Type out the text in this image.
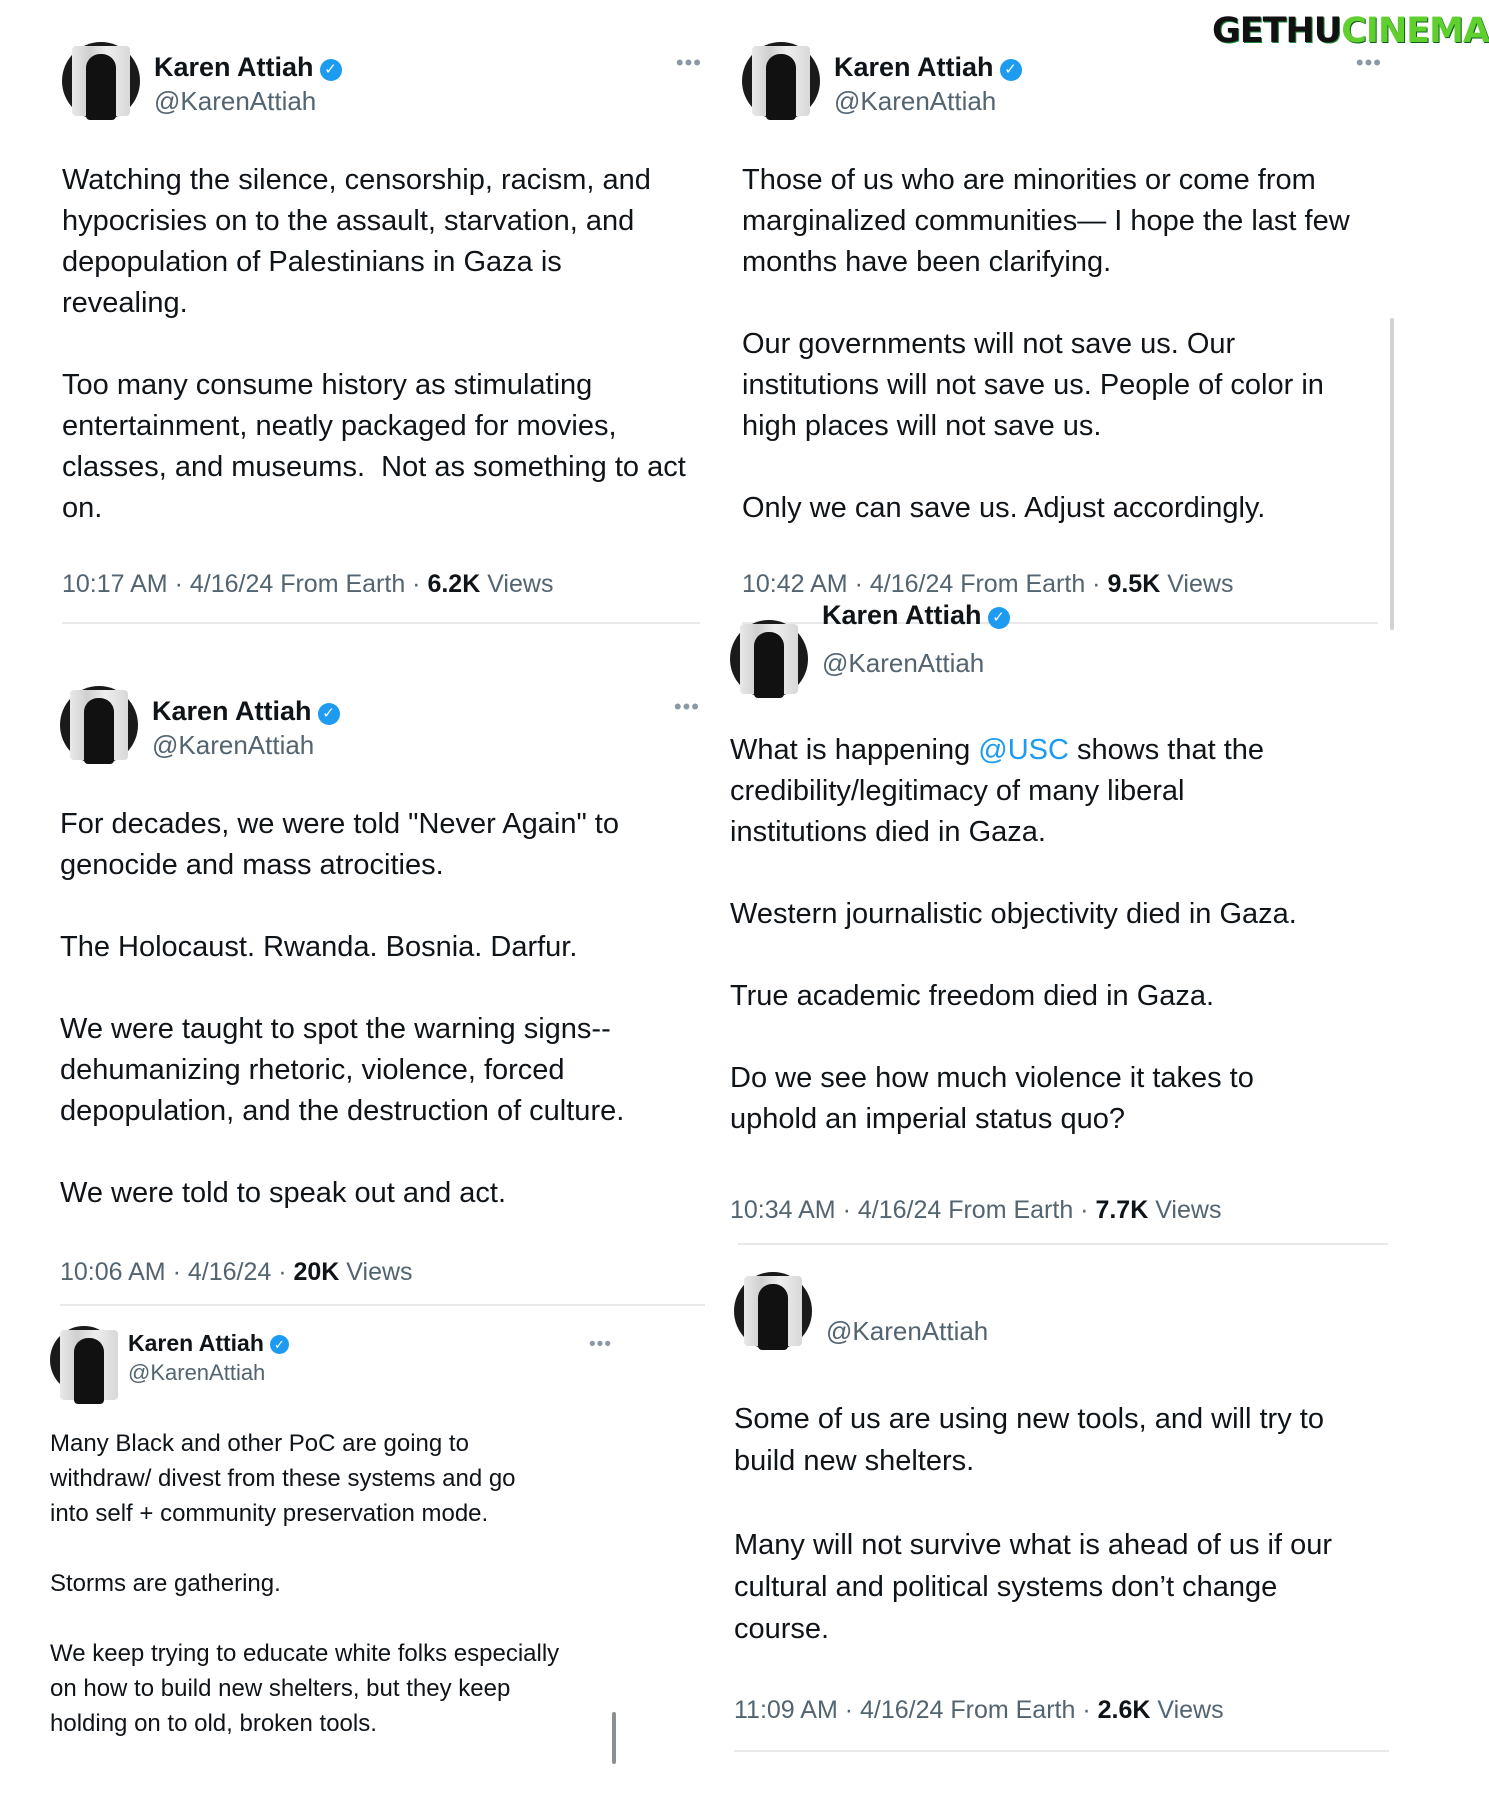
GETHUCINEMA
Karen Attiah ✓
@KarenAttiah
•••
Watching the silence, censorship, racism, and
hypocrisies on to the assault, starvation, and
depopulation of Palestinians in Gaza is
revealing.

Too many consume history as stimulating
entertainment, neatly packaged for movies,
classes, and museums.  Not as something to act
on.
10:17 AM · 4/16/24 From Earth · 6.2K Views
Karen Attiah ✓
@KarenAttiah
•••
Those of us who are minorities or come from
marginalized communities— I hope the last few
months have been clarifying.

Our governments will not save us. Our
institutions will not save us. People of color in
high places will not save us.

Only we can save us. Adjust accordingly.
10:42 AM · 4/16/24 From Earth · 9.5K Views
Karen Attiah ✓
@KarenAttiah
•••
For decades, we were told "Never Again" to
genocide and mass atrocities.

The Holocaust. Rwanda. Bosnia. Darfur.

We were taught to spot the warning signs--
dehumanizing rhetoric, violence, forced
depopulation, and the destruction of culture.

We were told to speak out and act.
10:06 AM · 4/16/24 · 20K Views
Karen Attiah ✓
@KarenAttiah
What is happening @USC shows that the
credibility/legitimacy of many liberal
institutions died in Gaza.

Western journalistic objectivity died in Gaza.

True academic freedom died in Gaza.

Do we see how much violence it takes to
uphold an imperial status quo?
10:34 AM · 4/16/24 From Earth · 7.7K Views
Karen Attiah ✓
@KarenAttiah
•••
Many Black and other PoC are going to
withdraw/ divest from these systems and go
into self + community preservation mode.

Storms are gathering.

We keep trying to educate white folks especially
on how to build new shelters, but they keep
holding on to old, broken tools.
@KarenAttiah
Some of us are using new tools, and will try to
build new shelters.

Many will not survive what is ahead of us if our
cultural and political systems don’t change
course.
11:09 AM · 4/16/24 From Earth · 2.6K Views
